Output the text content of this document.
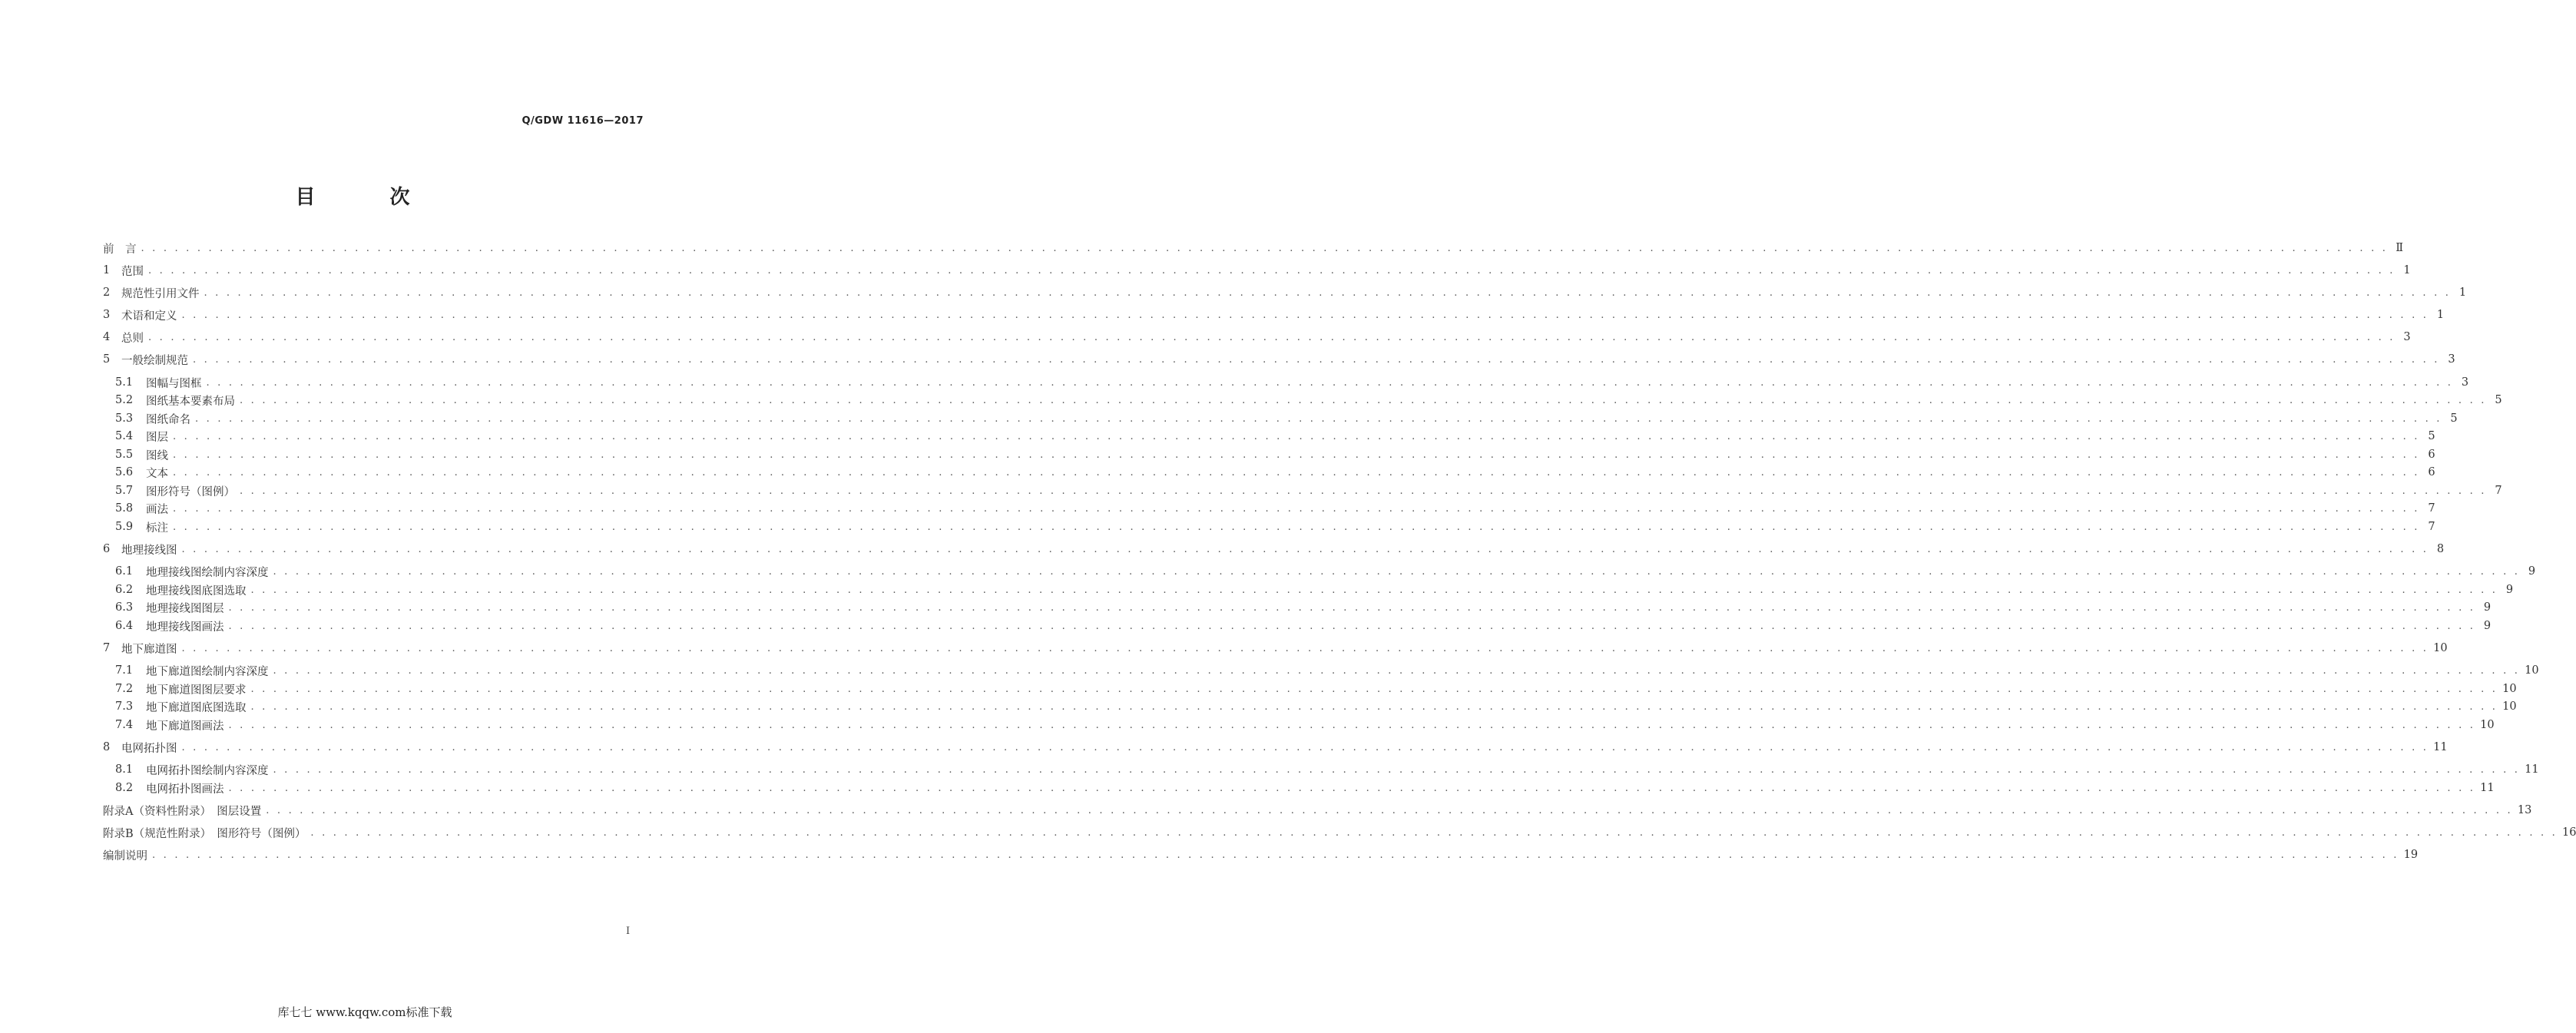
Q/GDW 11616—2017
目 次
前　言 . . . . . . . . . . . . . . . . . . . . . . . . . . . . . . . . . . . . . . . . . . . . . . . . . . . . . . . . . . . . . . . . . . . . . . . . . . . . . . . . . . . . . . . . . . . . . . . . . . . . . . . . . . . . . . . . . . . . . . . . . . . . . . . . . . . . . . . . . . . . . . . . . . . . . . . . . . . . . . . . . . . . . . . . . . . . . . . . . . . . . . . . . . . . . . . . . . . . . . . . Ⅱ
1	范围 . . . . . . . . . . . . . . . . . . . . . . . . . . . . . . . . . . . . . . . . . . . . . . . . . . . . . . . . . . . . . . . . . . . . . . . . . . . . . . . . . . . . . . . . . . . . . . . . . . . . . . . . . . . . . . . . . . . . . . . . . . . . . . . . . . . . . . . . . . . . . . . . . . . . . . . . . . . . . . . . . . . . . . . . . . . . . . . . . . . . . . . . . . . . . . . . . . . . . . . . 1
2	规范性引用文件 . . . . . . . . . . . . . . . . . . . . . . . . . . . . . . . . . . . . . . . . . . . . . . . . . . . . . . . . . . . . . . . . . . . . . . . . . . . . . . . . . . . . . . . . . . . . . . . . . . . . . . . . . . . . . . . . . . . . . . . . . . . . . . . . . . . . . . . . . . . . . . . . . . . . . . . . . . . . . . . . . . . . . . . . . . . . . . . . . . . . . . . . . . . . . . . . . . . . . . . . 1
3	术语和定义 . . . . . . . . . . . . . . . . . . . . . . . . . . . . . . . . . . . . . . . . . . . . . . . . . . . . . . . . . . . . . . . . . . . . . . . . . . . . . . . . . . . . . . . . . . . . . . . . . . . . . . . . . . . . . . . . . . . . . . . . . . . . . . . . . . . . . . . . . . . . . . . . . . . . . . . . . . . . . . . . . . . . . . . . . . . . . . . . . . . . . . . . . . . . . . . . . . . . . . . . 1
4	总则 . . . . . . . . . . . . . . . . . . . . . . . . . . . . . . . . . . . . . . . . . . . . . . . . . . . . . . . . . . . . . . . . . . . . . . . . . . . . . . . . . . . . . . . . . . . . . . . . . . . . . . . . . . . . . . . . . . . . . . . . . . . . . . . . . . . . . . . . . . . . . . . . . . . . . . . . . . . . . . . . . . . . . . . . . . . . . . . . . . . . . . . . . . . . . . . . . . . . . . . . 3
5	一般绘制规范 . . . . . . . . . . . . . . . . . . . . . . . . . . . . . . . . . . . . . . . . . . . . . . . . . . . . . . . . . . . . . . . . . . . . . . . . . . . . . . . . . . . . . . . . . . . . . . . . . . . . . . . . . . . . . . . . . . . . . . . . . . . . . . . . . . . . . . . . . . . . . . . . . . . . . . . . . . . . . . . . . . . . . . . . . . . . . . . . . . . . . . . . . . . . . . . . . . . . . . . . 3
5.1	图幅与图框 . . . . . . . . . . . . . . . . . . . . . . . . . . . . . . . . . . . . . . . . . . . . . . . . . . . . . . . . . . . . . . . . . . . . . . . . . . . . . . . . . . . . . . . . . . . . . . . . . . . . . . . . . . . . . . . . . . . . . . . . . . . . . . . . . . . . . . . . . . . . . . . . . . . . . . . . . . . . . . . . . . . . . . . . . . . . . . . . . . . . . . . . . . . . . . . . . . . . . . . . 3
5.2	图纸基本要素布局 . . . . . . . . . . . . . . . . . . . . . . . . . . . . . . . . . . . . . . . . . . . . . . . . . . . . . . . . . . . . . . . . . . . . . . . . . . . . . . . . . . . . . . . . . . . . . . . . . . . . . . . . . . . . . . . . . . . . . . . . . . . . . . . . . . . . . . . . . . . . . . . . . . . . . . . . . . . . . . . . . . . . . . . . . . . . . . . . . . . . . . . . . . . . . . . . . . . . . . . . 5
5.3	图纸命名 . . . . . . . . . . . . . . . . . . . . . . . . . . . . . . . . . . . . . . . . . . . . . . . . . . . . . . . . . . . . . . . . . . . . . . . . . . . . . . . . . . . . . . . . . . . . . . . . . . . . . . . . . . . . . . . . . . . . . . . . . . . . . . . . . . . . . . . . . . . . . . . . . . . . . . . . . . . . . . . . . . . . . . . . . . . . . . . . . . . . . . . . . . . . . . . . . . . . . . . . 5
5.4	图层 . . . . . . . . . . . . . . . . . . . . . . . . . . . . . . . . . . . . . . . . . . . . . . . . . . . . . . . . . . . . . . . . . . . . . . . . . . . . . . . . . . . . . . . . . . . . . . . . . . . . . . . . . . . . . . . . . . . . . . . . . . . . . . . . . . . . . . . . . . . . . . . . . . . . . . . . . . . . . . . . . . . . . . . . . . . . . . . . . . . . . . . . . . . . . . . . . . . . . . . . 5
5.5	图线 . . . . . . . . . . . . . . . . . . . . . . . . . . . . . . . . . . . . . . . . . . . . . . . . . . . . . . . . . . . . . . . . . . . . . . . . . . . . . . . . . . . . . . . . . . . . . . . . . . . . . . . . . . . . . . . . . . . . . . . . . . . . . . . . . . . . . . . . . . . . . . . . . . . . . . . . . . . . . . . . . . . . . . . . . . . . . . . . . . . . . . . . . . . . . . . . . . . . . . . . 6
5.6	文本 . . . . . . . . . . . . . . . . . . . . . . . . . . . . . . . . . . . . . . . . . . . . . . . . . . . . . . . . . . . . . . . . . . . . . . . . . . . . . . . . . . . . . . . . . . . . . . . . . . . . . . . . . . . . . . . . . . . . . . . . . . . . . . . . . . . . . . . . . . . . . . . . . . . . . . . . . . . . . . . . . . . . . . . . . . . . . . . . . . . . . . . . . . . . . . . . . . . . . . . . 6
5.7	图形符号（图例） . . . . . . . . . . . . . . . . . . . . . . . . . . . . . . . . . . . . . . . . . . . . . . . . . . . . . . . . . . . . . . . . . . . . . . . . . . . . . . . . . . . . . . . . . . . . . . . . . . . . . . . . . . . . . . . . . . . . . . . . . . . . . . . . . . . . . . . . . . . . . . . . . . . . . . . . . . . . . . . . . . . . . . . . . . . . . . . . . . . . . . . . . . . . . . . . . . . . . . . . 7
5.8	画法 . . . . . . . . . . . . . . . . . . . . . . . . . . . . . . . . . . . . . . . . . . . . . . . . . . . . . . . . . . . . . . . . . . . . . . . . . . . . . . . . . . . . . . . . . . . . . . . . . . . . . . . . . . . . . . . . . . . . . . . . . . . . . . . . . . . . . . . . . . . . . . . . . . . . . . . . . . . . . . . . . . . . . . . . . . . . . . . . . . . . . . . . . . . . . . . . . . . . . . . . 7
5.9	标注 . . . . . . . . . . . . . . . . . . . . . . . . . . . . . . . . . . . . . . . . . . . . . . . . . . . . . . . . . . . . . . . . . . . . . . . . . . . . . . . . . . . . . . . . . . . . . . . . . . . . . . . . . . . . . . . . . . . . . . . . . . . . . . . . . . . . . . . . . . . . . . . . . . . . . . . . . . . . . . . . . . . . . . . . . . . . . . . . . . . . . . . . . . . . . . . . . . . . . . . . 7
6	地理接线图 . . . . . . . . . . . . . . . . . . . . . . . . . . . . . . . . . . . . . . . . . . . . . . . . . . . . . . . . . . . . . . . . . . . . . . . . . . . . . . . . . . . . . . . . . . . . . . . . . . . . . . . . . . . . . . . . . . . . . . . . . . . . . . . . . . . . . . . . . . . . . . . . . . . . . . . . . . . . . . . . . . . . . . . . . . . . . . . . . . . . . . . . . . . . . . . . . . . . . . . . 8
6.1	地理接线图绘制内容深度 . . . . . . . . . . . . . . . . . . . . . . . . . . . . . . . . . . . . . . . . . . . . . . . . . . . . . . . . . . . . . . . . . . . . . . . . . . . . . . . . . . . . . . . . . . . . . . . . . . . . . . . . . . . . . . . . . . . . . . . . . . . . . . . . . . . . . . . . . . . . . . . . . . . . . . . . . . . . . . . . . . . . . . . . . . . . . . . . . . . . . . . . . . . . . . . . . . . . . . . . 9
6.2	地理接线图底图选取 . . . . . . . . . . . . . . . . . . . . . . . . . . . . . . . . . . . . . . . . . . . . . . . . . . . . . . . . . . . . . . . . . . . . . . . . . . . . . . . . . . . . . . . . . . . . . . . . . . . . . . . . . . . . . . . . . . . . . . . . . . . . . . . . . . . . . . . . . . . . . . . . . . . . . . . . . . . . . . . . . . . . . . . . . . . . . . . . . . . . . . . . . . . . . . . . . . . . . . . . 9
6.3	地理接线图图层 . . . . . . . . . . . . . . . . . . . . . . . . . . . . . . . . . . . . . . . . . . . . . . . . . . . . . . . . . . . . . . . . . . . . . . . . . . . . . . . . . . . . . . . . . . . . . . . . . . . . . . . . . . . . . . . . . . . . . . . . . . . . . . . . . . . . . . . . . . . . . . . . . . . . . . . . . . . . . . . . . . . . . . . . . . . . . . . . . . . . . . . . . . . . . . . . . . . . . . . . 9
6.4	地理接线图画法 . . . . . . . . . . . . . . . . . . . . . . . . . . . . . . . . . . . . . . . . . . . . . . . . . . . . . . . . . . . . . . . . . . . . . . . . . . . . . . . . . . . . . . . . . . . . . . . . . . . . . . . . . . . . . . . . . . . . . . . . . . . . . . . . . . . . . . . . . . . . . . . . . . . . . . . . . . . . . . . . . . . . . . . . . . . . . . . . . . . . . . . . . . . . . . . . . . . . . . . . 9
7	地下廊道图 . . . . . . . . . . . . . . . . . . . . . . . . . . . . . . . . . . . . . . . . . . . . . . . . . . . . . . . . . . . . . . . . . . . . . . . . . . . . . . . . . . . . . . . . . . . . . . . . . . . . . . . . . . . . . . . . . . . . . . . . . . . . . . . . . . . . . . . . . . . . . . . . . . . . . . . . . . . . . . . . . . . . . . . . . . . . . . . . . . . . . . . . . . . . . . . . . . . . . . . . 10
7.1	地下廊道图绘制内容深度 . . . . . . . . . . . . . . . . . . . . . . . . . . . . . . . . . . . . . . . . . . . . . . . . . . . . . . . . . . . . . . . . . . . . . . . . . . . . . . . . . . . . . . . . . . . . . . . . . . . . . . . . . . . . . . . . . . . . . . . . . . . . . . . . . . . . . . . . . . . . . . . . . . . . . . . . . . . . . . . . . . . . . . . . . . . . . . . . . . . . . . . . . . . . . . . . . . . . . . . . 10
7.2	地下廊道图图层要求 . . . . . . . . . . . . . . . . . . . . . . . . . . . . . . . . . . . . . . . . . . . . . . . . . . . . . . . . . . . . . . . . . . . . . . . . . . . . . . . . . . . . . . . . . . . . . . . . . . . . . . . . . . . . . . . . . . . . . . . . . . . . . . . . . . . . . . . . . . . . . . . . . . . . . . . . . . . . . . . . . . . . . . . . . . . . . . . . . . . . . . . . . . . . . . . . . . . . . . . . 10
7.3	地下廊道图底图选取 . . . . . . . . . . . . . . . . . . . . . . . . . . . . . . . . . . . . . . . . . . . . . . . . . . . . . . . . . . . . . . . . . . . . . . . . . . . . . . . . . . . . . . . . . . . . . . . . . . . . . . . . . . . . . . . . . . . . . . . . . . . . . . . . . . . . . . . . . . . . . . . . . . . . . . . . . . . . . . . . . . . . . . . . . . . . . . . . . . . . . . . . . . . . . . . . . . . . . . . . 10
7.4	地下廊道图画法 . . . . . . . . . . . . . . . . . . . . . . . . . . . . . . . . . . . . . . . . . . . . . . . . . . . . . . . . . . . . . . . . . . . . . . . . . . . . . . . . . . . . . . . . . . . . . . . . . . . . . . . . . . . . . . . . . . . . . . . . . . . . . . . . . . . . . . . . . . . . . . . . . . . . . . . . . . . . . . . . . . . . . . . . . . . . . . . . . . . . . . . . . . . . . . . . . . . . . . . . 10
8	电网拓扑图 . . . . . . . . . . . . . . . . . . . . . . . . . . . . . . . . . . . . . . . . . . . . . . . . . . . . . . . . . . . . . . . . . . . . . . . . . . . . . . . . . . . . . . . . . . . . . . . . . . . . . . . . . . . . . . . . . . . . . . . . . . . . . . . . . . . . . . . . . . . . . . . . . . . . . . . . . . . . . . . . . . . . . . . . . . . . . . . . . . . . . . . . . . . . . . . . . . . . . . . . 11
8.1	电网拓扑图绘制内容深度 . . . . . . . . . . . . . . . . . . . . . . . . . . . . . . . . . . . . . . . . . . . . . . . . . . . . . . . . . . . . . . . . . . . . . . . . . . . . . . . . . . . . . . . . . . . . . . . . . . . . . . . . . . . . . . . . . . . . . . . . . . . . . . . . . . . . . . . . . . . . . . . . . . . . . . . . . . . . . . . . . . . . . . . . . . . . . . . . . . . . . . . . . . . . . . . . . . . . . . . . 11
8.2	电网拓扑图画法 . . . . . . . . . . . . . . . . . . . . . . . . . . . . . . . . . . . . . . . . . . . . . . . . . . . . . . . . . . . . . . . . . . . . . . . . . . . . . . . . . . . . . . . . . . . . . . . . . . . . . . . . . . . . . . . . . . . . . . . . . . . . . . . . . . . . . . . . . . . . . . . . . . . . . . . . . . . . . . . . . . . . . . . . . . . . . . . . . . . . . . . . . . . . . . . . . . . . . . . . 11
附录A（资料性附录）　图层设置 . . . . . . . . . . . . . . . . . . . . . . . . . . . . . . . . . . . . . . . . . . . . . . . . . . . . . . . . . . . . . . . . . . . . . . . . . . . . . . . . . . . . . . . . . . . . . . . . . . . . . . . . . . . . . . . . . . . . . . . . . . . . . . . . . . . . . . . . . . . . . . . . . . . . . . . . . . . . . . . . . . . . . . . . . . . . . . . . . . . . . . . . . . . . . . . . . . . . . . . . 13
附录B（规范性附录）　图形符号（图例） . . . . . . . . . . . . . . . . . . . . . . . . . . . . . . . . . . . . . . . . . . . . . . . . . . . . . . . . . . . . . . . . . . . . . . . . . . . . . . . . . . . . . . . . . . . . . . . . . . . . . . . . . . . . . . . . . . . . . . . . . . . . . . . . . . . . . . . . . . . . . . . . . . . . . . . . . . . . . . . . . . . . . . . . . . . . . . . . . . . . . . . . . . . . . . . . . . . . . . . . 16
编制说明 . . . . . . . . . . . . . . . . . . . . . . . . . . . . . . . . . . . . . . . . . . . . . . . . . . . . . . . . . . . . . . . . . . . . . . . . . . . . . . . . . . . . . . . . . . . . . . . . . . . . . . . . . . . . . . . . . . . . . . . . . . . . . . . . . . . . . . . . . . . . . . . . . . . . . . . . . . . . . . . . . . . . . . . . . . . . . . . . . . . . . . . . . . . . . . . . . . . . . . . . 19
I
库七七 www.kqqw.com标准下载
